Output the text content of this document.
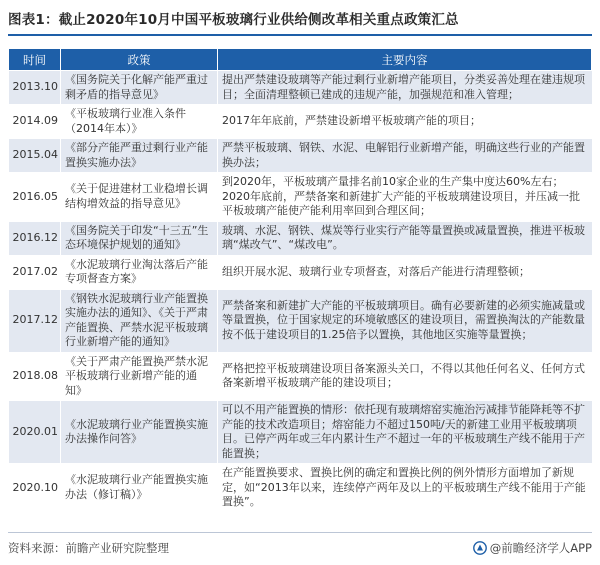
图表1：截止2020年10月中国平板玻璃行业供给侧改革相关重点政策汇总
时间	政策	主要内容
2013.10	《国务院关于化解产能严重过剩矛盾的指导意见》	提出严禁建设玻璃等产能过剩行业新增产能项目，分类妥善处理在建违规项目；全面清理整顿已建成的违规产能，加强规范和准入管理；
2014.09	《平板玻璃行业准入条件（2014年本）》	2017年年底前，严禁建设新增平板玻璃产能的项目；
2015.04	《部分产能严重过剩行业产能置换实施办法》	严禁平板玻璃、钢铁、水泥、电解铝行业新增产能，明确这些行业的产能置换办法；
2016.05	《关于促进建材工业稳增长调结构增效益的指导意见》	到2020年，平板玻璃产量排名前10家企业的生产集中度达60%左右；2020年底前，严禁备案和新建扩大产能的平板玻璃建设项目，并压减一批平板玻璃产能使产能利用率回到合理区间；
2016.12	《国务院关于印发“十三五”生态环境保护规划的通知》	玻璃、水泥、钢铁、煤炭等行业实行产能等量置换或减量置换，推进平板玻璃“煤改气”、“煤改电”。
2017.02	《水泥玻璃行业淘汰落后产能专项督查方案》	组织开展水泥、玻璃行业专项督查，对落后产能进行清理整顿；
2017.12	《钢铁水泥玻璃行业产能置换实施办法的通知》、《关于严肃产能置换、严禁水泥平板玻璃行业新增产能的通知》	严禁备案和新建扩大产能的平板玻璃项目。确有必要新建的必须实施减量或等量置换，位于国家规定的环境敏感区的建设项目，需置换淘汰的产能数量按不低于建设项目的1.25倍予以置换，其他地区实施等量置换；
2018.08	《关于严肃产能置换严禁水泥平板玻璃行业新增产能的通知》	严格把控平板玻璃建设项目备案源头关口，不得以其他任何名义、任何方式备案新增平板玻璃产能的建设项目；
2020.01	《水泥玻璃行业产能置换实施办法操作问答》	可以不用产能置换的情形：依托现有玻璃熔窑实施治污减排节能降耗等不扩产能的技术改造项目；熔窑能力不超过150吨/天的新建工业用平板玻璃项目。已停产两年或三年内累计生产不超过一年的平板玻璃生产线不能用于产能置换；
2020.10	《水泥玻璃行业产能置换实施办法（修订稿）》	在产能置换要求、置换比例的确定和置换比例的例外情形方面增加了新规定，如“2013年以来，连续停产两年及以上的平板玻璃生产线不能用于产能置换”。
资料来源：前瞻产业研究院整理	@前瞻经济学人APP
